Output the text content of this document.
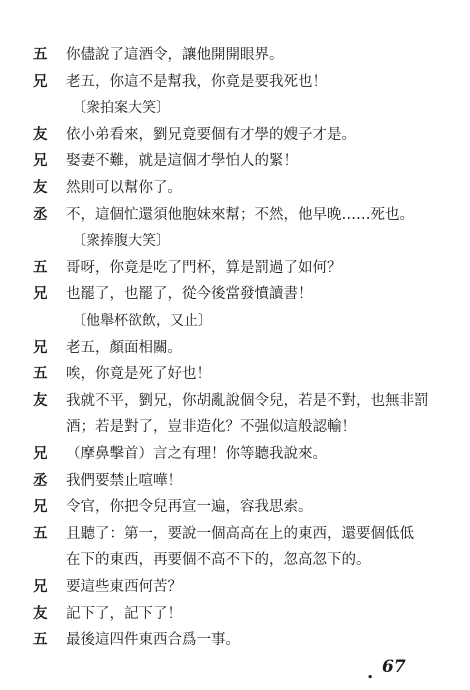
五	你儘說了這酒令，讓他開開眼界。
兄	老五，你這不是幫我，你竟是要我死也！
〔衆拍案大笑〕
友	依小弟看來，劉兄竟要個有才學的嫂子才是。
兄	娶妻不難，就是這個才學怕人的緊！
友	然則可以幫你了。
丞	不，這個忙還須他胞妹來幫；不然，他早晚……死也。
〔衆捧腹大笑〕
五	哥呀，你竟是吃了門杯，算是罰過了如何？
兄	也罷了，也罷了，從今後當發憤讀書！
〔他舉杯欲飲，又止〕
兄	老五，顏面相關。
五	唉，你竟是死了好也！
友	我就不平，劉兄，你胡亂說個令兒，若是不對，也無非罰
酒；若是對了，豈非造化？不强似這般認輸！
兄	（摩鼻擊首）言之有理！你等聽我說來。
丞	我們要禁止喧嘩！
兄	令官，你把令兒再宣一遍，容我思索。
五	且聽了：第一，要說一個高高在上的東西，還要個低低
在下的東西，再要個不高不下的，忽高忽下的。
兄	要這些東西何苦？
友	記下了，記下了！
五	最後這四件東西合爲一事。
. 67
